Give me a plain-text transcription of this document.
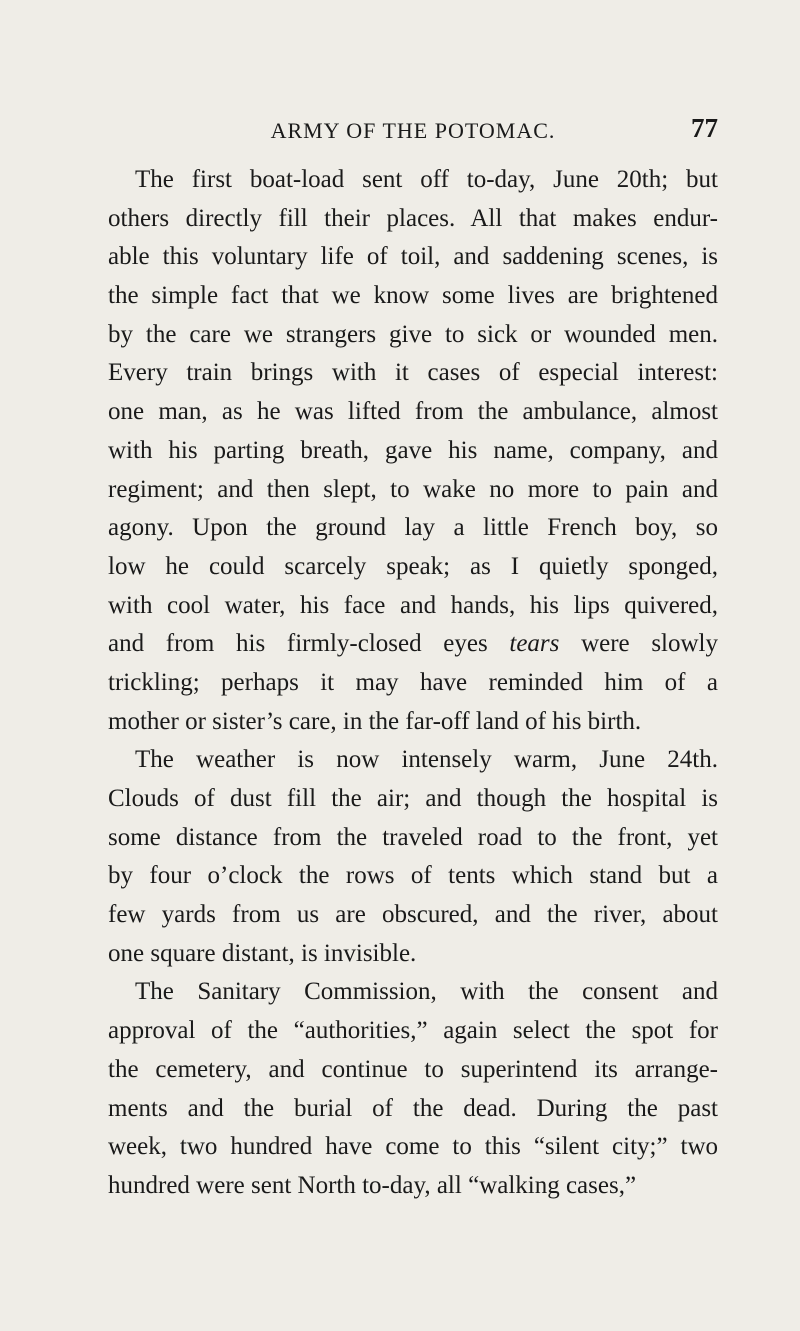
ARMY OF THE POTOMAC.	77
The first boat-load sent off to-day, June 20th; but
others directly fill their places. All that makes endur-
able this voluntary life of toil, and saddening scenes, is
the simple fact that we know some lives are brightened
by the care we strangers give to sick or wounded men.
Every train brings with it cases of especial interest:
one man, as he was lifted from the ambulance, almost
with his parting breath, gave his name, company, and
regiment; and then slept, to wake no more to pain and
agony. Upon the ground lay a little French boy, so
low he could scarcely speak; as I quietly sponged,
with cool water, his face and hands, his lips quivered,
and from his firmly-closed eyes tears were slowly
trickling; perhaps it may have reminded him of a
mother or sister’s care, in the far-off land of his birth.
The weather is now intensely warm, June 24th.
Clouds of dust fill the air; and though the hospital is
some distance from the traveled road to the front, yet
by four o’clock the rows of tents which stand but a
few yards from us are obscured, and the river, about
one square distant, is invisible.
The Sanitary Commission, with the consent and
approval of the “authorities,” again select the spot for
the cemetery, and continue to superintend its arrange-
ments and the burial of the dead. During the past
week, two hundred have come to this “silent city;” two
hundred were sent North to-day, all “walking cases,”
